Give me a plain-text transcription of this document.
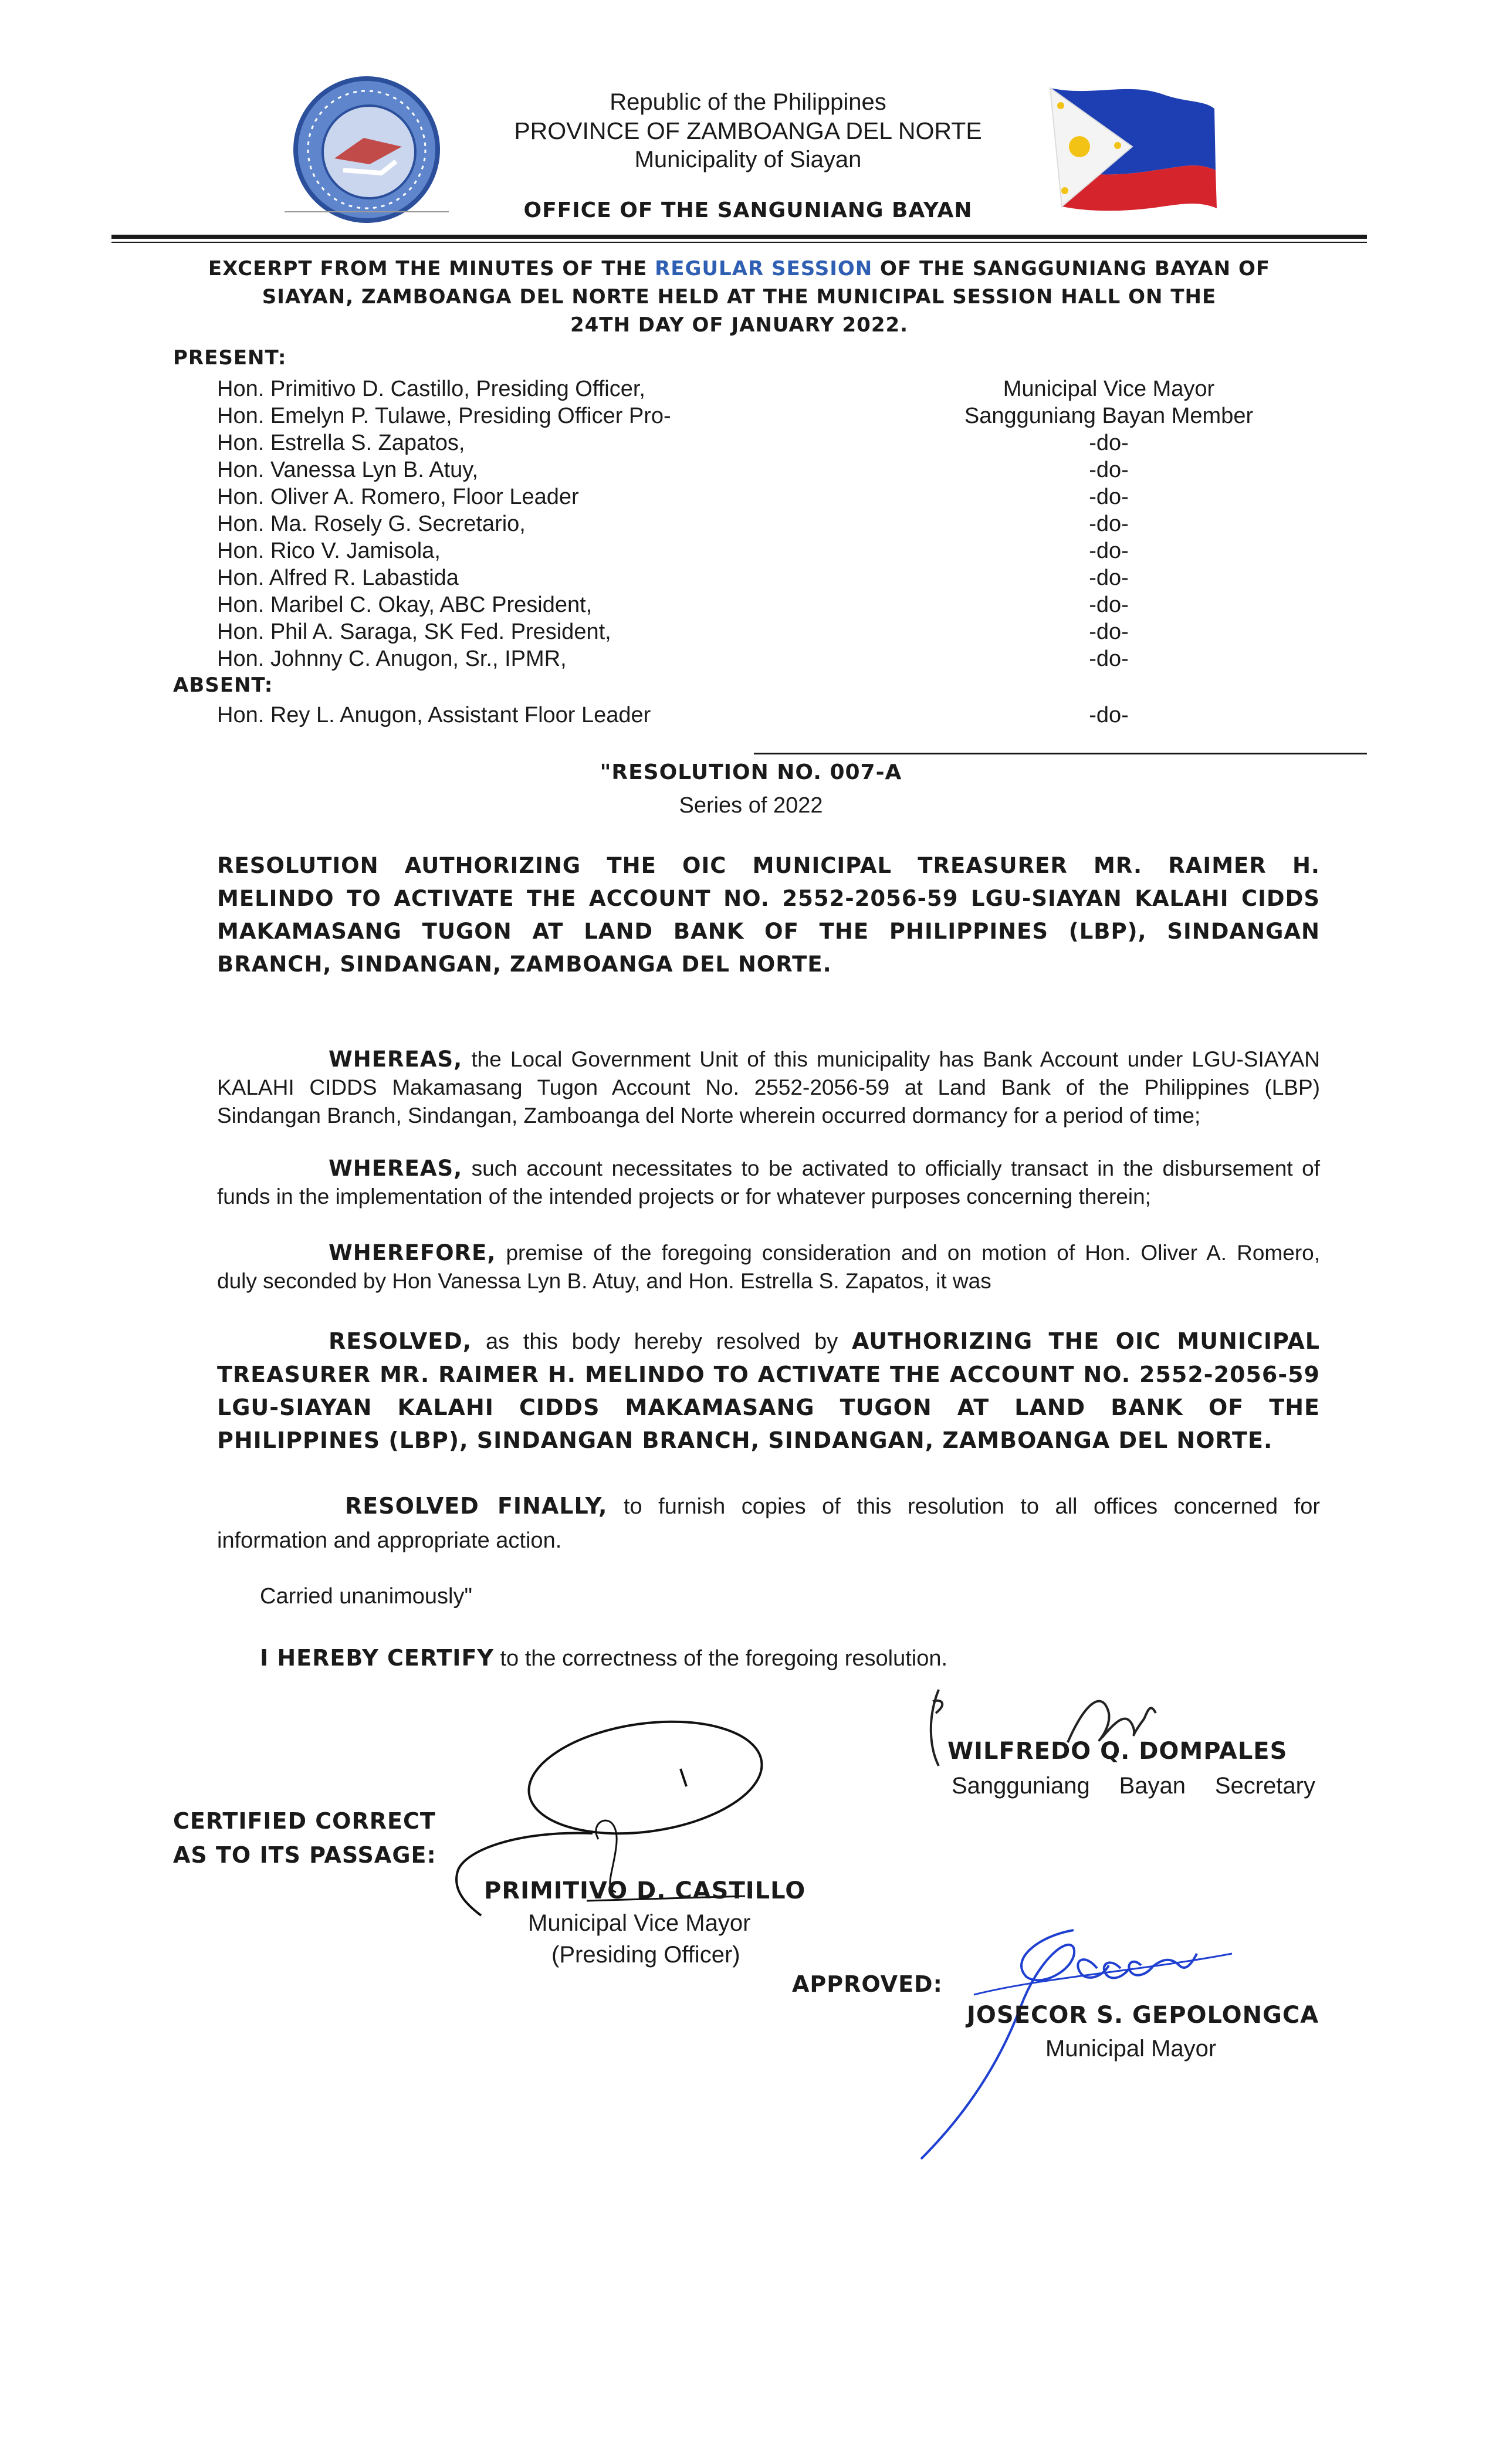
Republic of the Philippines
PROVINCE OF ZAMBOANGA DEL NORTE
Municipality of Siayan
OFFICE OF THE SANGUNIANG BAYAN
EXCERPT FROM THE MINUTES OF THE REGULAR SESSION OF THE SANGGUNIANG BAYAN OF
SIAYAN, ZAMBOANGA DEL NORTE HELD AT THE MUNICIPAL SESSION HALL ON THE
24TH DAY OF JANUARY 2022.
PRESENT:
Hon. Primitivo D. Castillo, Presiding Officer,	Municipal Vice Mayor
Hon. Emelyn P. Tulawe, Presiding Officer Pro-	Sangguniang Bayan Member
Hon. Estrella S. Zapatos,	-do-
Hon. Vanessa Lyn B. Atuy,	-do-
Hon. Oliver A. Romero, Floor Leader	-do-
Hon. Ma. Rosely G. Secretario,	-do-
Hon. Rico V. Jamisola,	-do-
Hon. Alfred R. Labastida	-do-
Hon. Maribel C. Okay, ABC President,	-do-
Hon. Phil A. Saraga, SK Fed. President,	-do-
Hon. Johnny C. Anugon, Sr., IPMR,	-do-
ABSENT:
Hon. Rey L. Anugon, Assistant Floor Leader	-do-
"RESOLUTION NO. 007-A
Series of 2022
RESOLUTION AUTHORIZING THE OIC MUNICIPAL TREASURER MR. RAIMER H.
MELINDO TO ACTIVATE THE ACCOUNT NO. 2552-2056-59 LGU-SIAYAN KALAHI CIDDS
MAKAMASANG TUGON AT LAND BANK OF THE PHILIPPINES (LBP), SINDANGAN
BRANCH, SINDANGAN, ZAMBOANGA DEL NORTE.
WHEREAS, the Local Government Unit of this municipality has Bank Account under LGU-SIAYAN
KALAHI CIDDS Makamasang Tugon Account No. 2552-2056-59 at Land Bank of the Philippines (LBP)
Sindangan Branch, Sindangan, Zamboanga del Norte wherein occurred dormancy for a period of time;
WHEREAS, such account necessitates to be activated to officially transact in the disbursement of
funds in the implementation of the intended projects or for whatever purposes concerning therein;
WHEREFORE, premise of the foregoing consideration and on motion of Hon. Oliver A. Romero,
duly seconded by Hon Vanessa Lyn B. Atuy, and Hon. Estrella S. Zapatos, it was
RESOLVED, as this body hereby resolved by AUTHORIZING THE OIC MUNICIPAL
TREASURER MR. RAIMER H. MELINDO TO ACTIVATE THE ACCOUNT NO. 2552-2056-59
LGU-SIAYAN KALAHI CIDDS MAKAMASANG TUGON AT LAND BANK OF THE
PHILIPPINES (LBP), SINDANGAN BRANCH, SINDANGAN, ZAMBOANGA DEL NORTE.
RESOLVED FINALLY, to furnish copies of this resolution to all offices concerned for
information and appropriate action.
Carried unanimously"
I HEREBY CERTIFY to the correctness of the foregoing resolution.
WILFREDO Q. DOMPALES
Sangguniang Bayan Secretary
CERTIFIED CORRECT
AS TO ITS PASSAGE:
PRIMITIVO D. CASTILLO
Municipal Vice Mayor
(Presiding Officer)
APPROVED:
JOSECOR S. GEPOLONGCA
Municipal Mayor
